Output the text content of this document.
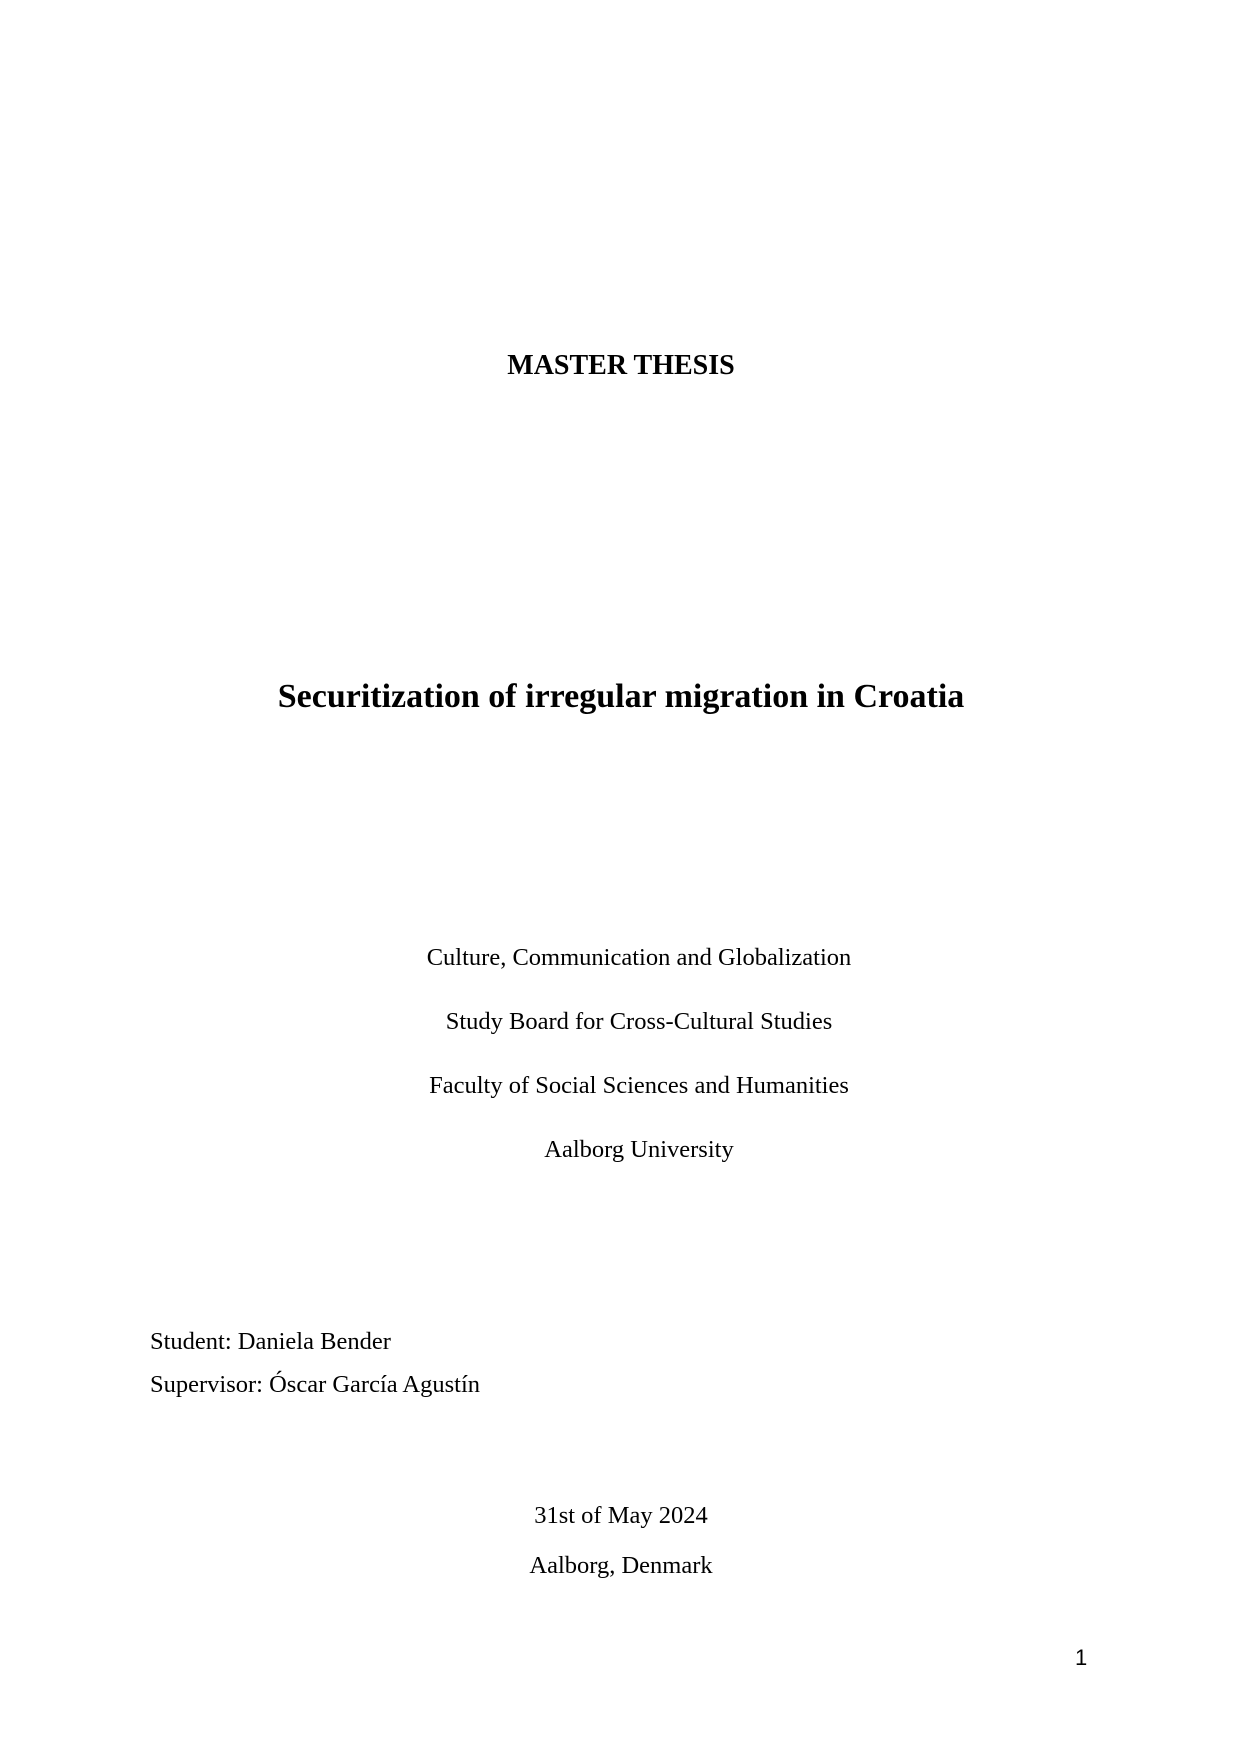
MASTER THESIS
Securitization of irregular migration in Croatia
Culture, Communication and Globalization
Study Board for Cross-Cultural Studies
Faculty of Social Sciences and Humanities
Aalborg University
Student: Daniela Bender
Supervisor: Óscar García Agustín
31st of May 2024
Aalborg, Denmark
1
